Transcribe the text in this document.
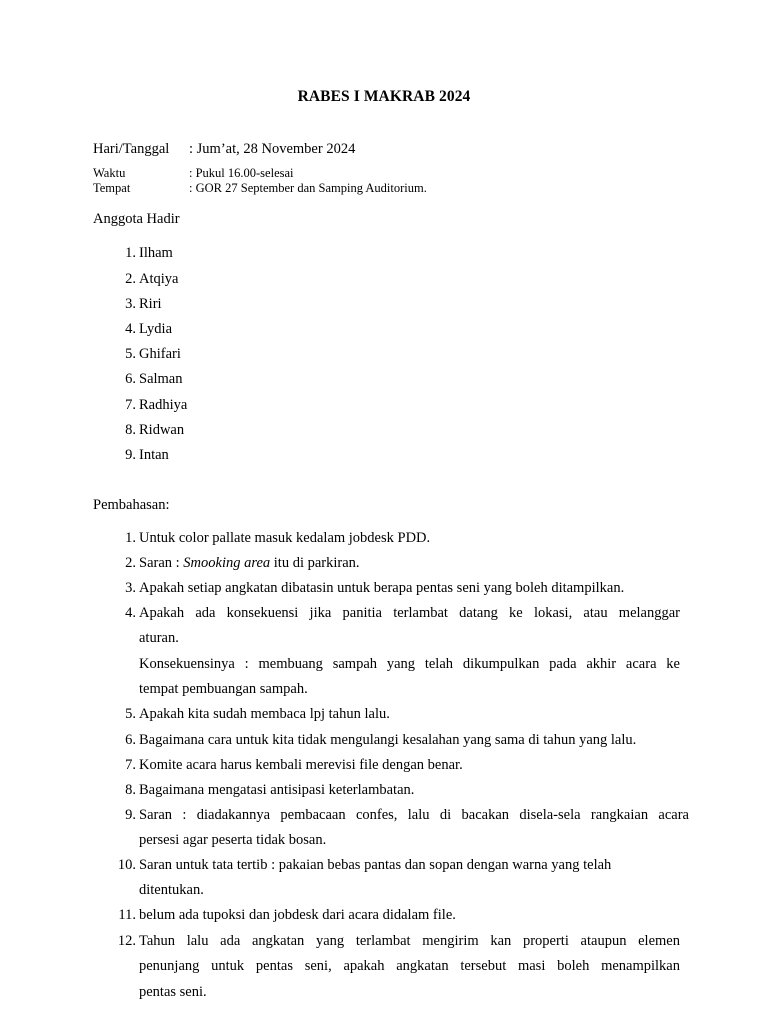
RABES I MAKRAB 2024
Hari/Tanggal : Jum’at, 28 November 2024
Waktu	: Pukul 16.00-selesai
Tempat	: GOR 27 September dan Samping Auditorium.
Anggota Hadir
1. Ilham
2. Atqiya
3. Riri
4. Lydia
5. Ghifari
6. Salman
7. Radhiya
8. Ridwan
9. Intan
Pembahasan:
1. Untuk color pallate masuk kedalam jobdesk PDD.
2. Saran : Smooking area itu di parkiran.
3. Apakah setiap angkatan dibatasin untuk berapa pentas seni yang boleh ditampilkan.
4. Apakah ada konsekuensi jika panitia terlambat datang ke lokasi, atau melanggar
aturan.
Konsekuensinya : membuang sampah yang telah dikumpulkan pada akhir acara ke
tempat pembuangan sampah.
5. Apakah kita sudah membaca lpj tahun lalu.
6. Bagaimana cara untuk kita tidak mengulangi kesalahan yang sama di tahun yang lalu.
7. Komite acara harus kembali merevisi file dengan benar.
8. Bagaimana mengatasi antisipasi keterlambatan.
9. Saran : diadakannya pembacaan confes, lalu di bacakan disela-sela rangkaian acara
persesi agar peserta tidak bosan.
10. Saran untuk tata tertib : pakaian bebas pantas dan sopan dengan warna yang telah
ditentukan.
11. belum ada tupoksi dan jobdesk dari acara didalam file.
12. Tahun lalu ada angkatan yang terlambat mengirim kan properti ataupun elemen
penunjang untuk pentas seni, apakah angkatan tersebut masi boleh menampilkan
pentas seni.
